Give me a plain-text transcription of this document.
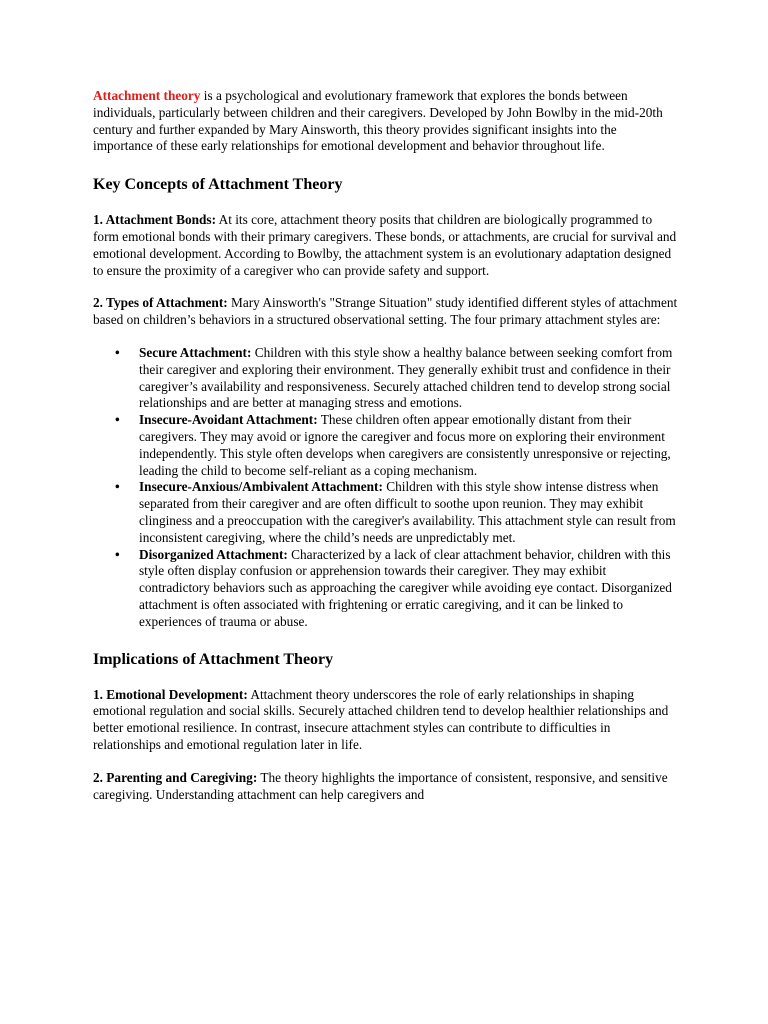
Attachment theory is a psychological and evolutionary framework that explores the bonds between individuals, particularly between children and their caregivers. Developed by John Bowlby in the mid-20th century and further expanded by Mary Ainsworth, this theory provides significant insights into the importance of these early relationships for emotional development and behavior throughout life.

Key Concepts of Attachment Theory

1. Attachment Bonds: At its core, attachment theory posits that children are biologically programmed to form emotional bonds with their primary caregivers. These bonds, or attachments, are crucial for survival and emotional development. According to Bowlby, the attachment system is an evolutionary adaptation designed to ensure the proximity of a caregiver who can provide safety and support.

2. Types of Attachment: Mary Ainsworth's "Strange Situation" study identified different styles of attachment based on children’s behaviors in a structured observational setting. The four primary attachment styles are:

•	Secure Attachment: Children with this style show a healthy balance between seeking comfort from their caregiver and exploring their environment. They generally exhibit trust and confidence in their caregiver’s availability and responsiveness. Securely attached children tend to develop strong social relationships and are better at managing stress and emotions.
•	Insecure-Avoidant Attachment: These children often appear emotionally distant from their caregivers. They may avoid or ignore the caregiver and focus more on exploring their environment independently. This style often develops when caregivers are consistently unresponsive or rejecting, leading the child to become self-reliant as a coping mechanism.
•	Insecure-Anxious/Ambivalent Attachment: Children with this style show intense distress when separated from their caregiver and are often difficult to soothe upon reunion. They may exhibit clinginess and a preoccupation with the caregiver's availability. This attachment style can result from inconsistent caregiving, where the child’s needs are unpredictably met.
•	Disorganized Attachment: Characterized by a lack of clear attachment behavior, children with this style often display confusion or apprehension towards their caregiver. They may exhibit contradictory behaviors such as approaching the caregiver while avoiding eye contact. Disorganized attachment is often associated with frightening or erratic caregiving, and it can be linked to experiences of trauma or abuse.
Implications of Attachment Theory

1. Emotional Development: Attachment theory underscores the role of early relationships in shaping emotional regulation and social skills. Securely attached children tend to develop healthier relationships and better emotional resilience. In contrast, insecure attachment styles can contribute to difficulties in relationships and emotional regulation later in life.

2. Parenting and Caregiving: The theory highlights the importance of consistent, responsive, and sensitive caregiving. Understanding attachment can help caregivers and
